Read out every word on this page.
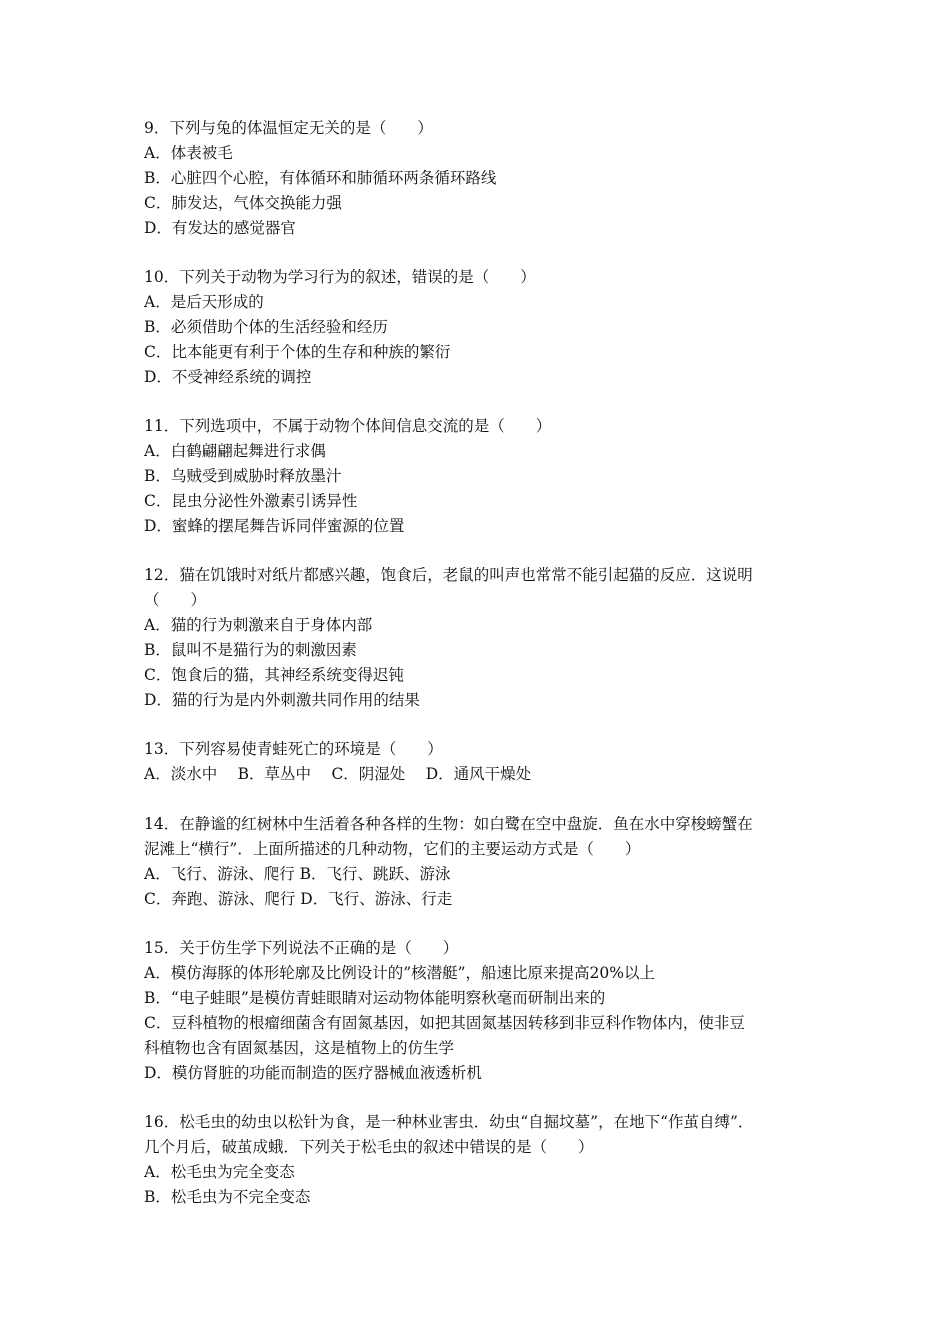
9．下列与兔的体温恒定无关的是（　　）
A．体表被毛
B．心脏四个心腔，有体循环和肺循环两条循环路线
C．肺发达，气体交换能力强
D．有发达的感觉器官
10．下列关于动物为学习行为的叙述，错误的是（　　）
A．是后天形成的
B．必须借助个体的生活经验和经历
C．比本能更有利于个体的生存和种族的繁衍
D．不受神经系统的调控
11．下列选项中，不属于动物个体间信息交流的是（　　）
A．白鹤翩翩起舞进行求偶
B．乌贼受到威胁时释放墨汁
C．昆虫分泌性外激素引诱异性
D．蜜蜂的摆尾舞告诉同伴蜜源的位置
12．猫在饥饿时对纸片都感兴趣，饱食后，老鼠的叫声也常常不能引起猫的反应．这说明
（　　）
A．猫的行为刺激来自于身体内部
B．鼠叫不是猫行为的刺激因素
C．饱食后的猫，其神经系统变得迟钝
D．猫的行为是内外刺激共同作用的结果
13．下列容易使青蛙死亡的环境是（　　）
A．淡水中　 B．草丛中　 C．阴湿处　 D．通风干燥处
14．在静谧的红树林中生活着各种各样的生物：如白鹭在空中盘旋．鱼在水中穿梭螃蟹在
泥滩上“横行”．上面所描述的几种动物，它们的主要运动方式是（　　）
A．飞行、游泳、爬行 B．飞行、跳跃、游泳
C．奔跑、游泳、爬行 D．飞行、游泳、行走
15．关于仿生学下列说法不正确的是（　　）
A．模仿海豚的体形轮廓及比例设计的”核潜艇”，船速比原来提高20%以上
B．“电子蛙眼”是模仿青蛙眼睛对运动物体能明察秋毫而研制出来的
C．豆科植物的根瘤细菌含有固氮基因，如把其固氮基因转移到非豆科作物体内，使非豆
科植物也含有固氮基因，这是植物上的仿生学
D．模仿肾脏的功能而制造的医疗器械血液透析机
16．松毛虫的幼虫以松针为食，是一种林业害虫．幼虫“自掘坟墓”，在地下“作茧自缚”．
几个月后，破茧成蛾．下列关于松毛虫的叙述中错误的是（　　）
A．松毛虫为完全变态
B．松毛虫为不完全变态
